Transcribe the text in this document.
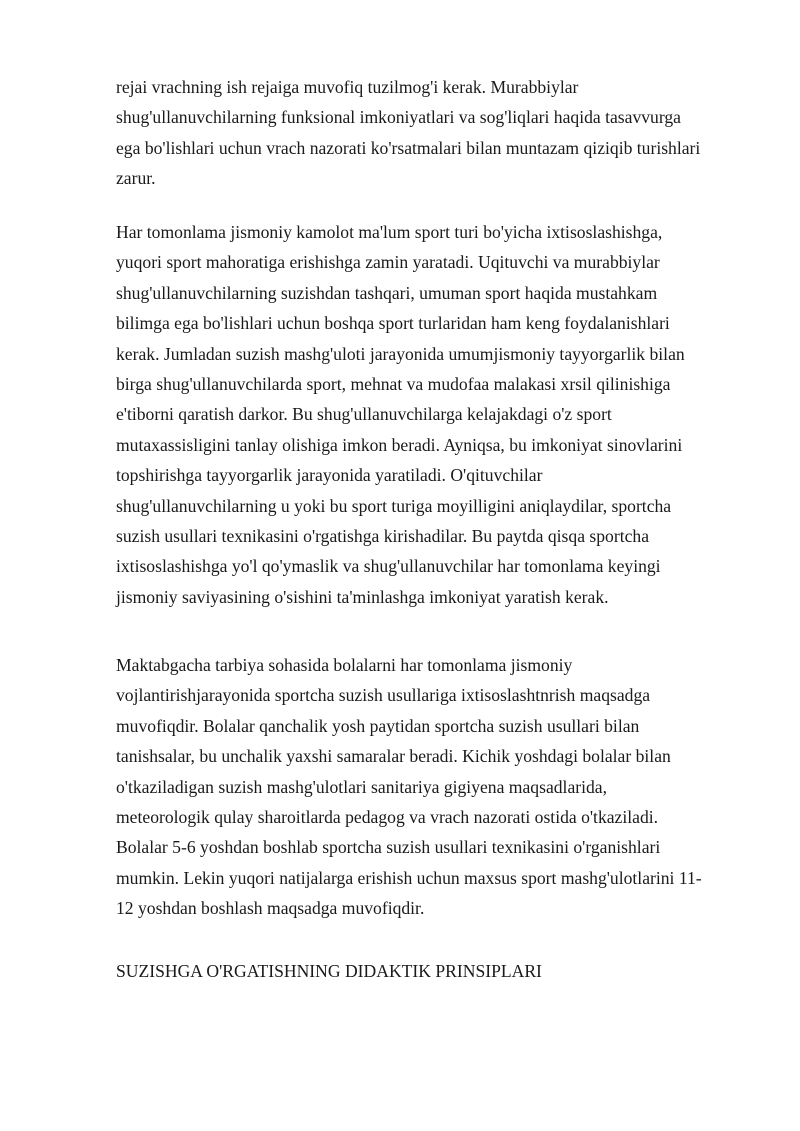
rejai vrachning ish rejaiga muvofiq tuzilmog'i kerak. Murabbiylar
shug'ullanuvchilarning funksional imkoniyatlari va sog'liqlari haqida tasavvurga
ega bo'lishlari uchun vrach nazorati ko'rsatmalari bilan muntazam qiziqib turishlari
zarur.
Har tomonlama jismoniy kamolot ma'lum sport turi bo'yicha ixtisoslashishga,
yuqori sport mahoratiga erishishga zamin yaratadi. Uqituvchi va murabbiylar
shug'ullanuvchilarning suzishdan tashqari, umuman sport haqida mustahkam
bilimga ega bo'lishlari uchun boshqa sport turlaridan ham keng foydalanishlari
kerak. Jumladan suzish mashg'uloti jarayonida umumjismoniy tayyorgarlik bilan
birga shug'ullanuvchilarda sport, mehnat va mudofaa malakasi xrsil qilinishiga
e'tiborni qaratish darkor. Bu shug'ullanuvchilarga kelajakdagi o'z sport
mutaxassisligini tanlay olishiga imkon beradi. Ayniqsa, bu imkoniyat sinovlarini
topshirishga tayyorgarlik jarayonida yaratiladi. O'qituvchilar
shug'ullanuvchilarning u yoki bu sport turiga moyilligini aniqlaydilar, sportcha
suzish usullari texnikasini o'rgatishga kirishadilar. Bu paytda qisqa sportcha
ixtisoslashishga yo'l qo'ymaslik va shug'ullanuvchilar har tomonlama keyingi
jismoniy saviyasining o'sishini ta'minlashga imkoniyat yaratish kerak.
Maktabgacha tarbiya sohasida bolalarni har tomonlama jismoniy
vojlantirishjarayonida sportcha suzish usullariga ixtisoslashtnrish maqsadga
muvofiqdir. Bolalar qanchalik yosh paytidan sportcha suzish usullari bilan
tanishsalar, bu unchalik yaxshi samaralar beradi. Kichik yoshdagi bolalar bilan
o'tkaziladigan suzish mashg'ulotlari sanitariya gigiyena maqsadlarida,
meteorologik qulay sharoitlarda pedagog va vrach nazorati ostida o'tkaziladi.
Bolalar 5-6 yoshdan boshlab sportcha suzish usullari texnikasini o'rganishlari
mumkin. Lekin yuqori natijalarga erishish uchun maxsus sport mashg'ulotlarini 11-
12 yoshdan boshlash maqsadga muvofiqdir.
SUZISHGA O'RGATISHNING DIDAKTIK PRINSIPLARI
